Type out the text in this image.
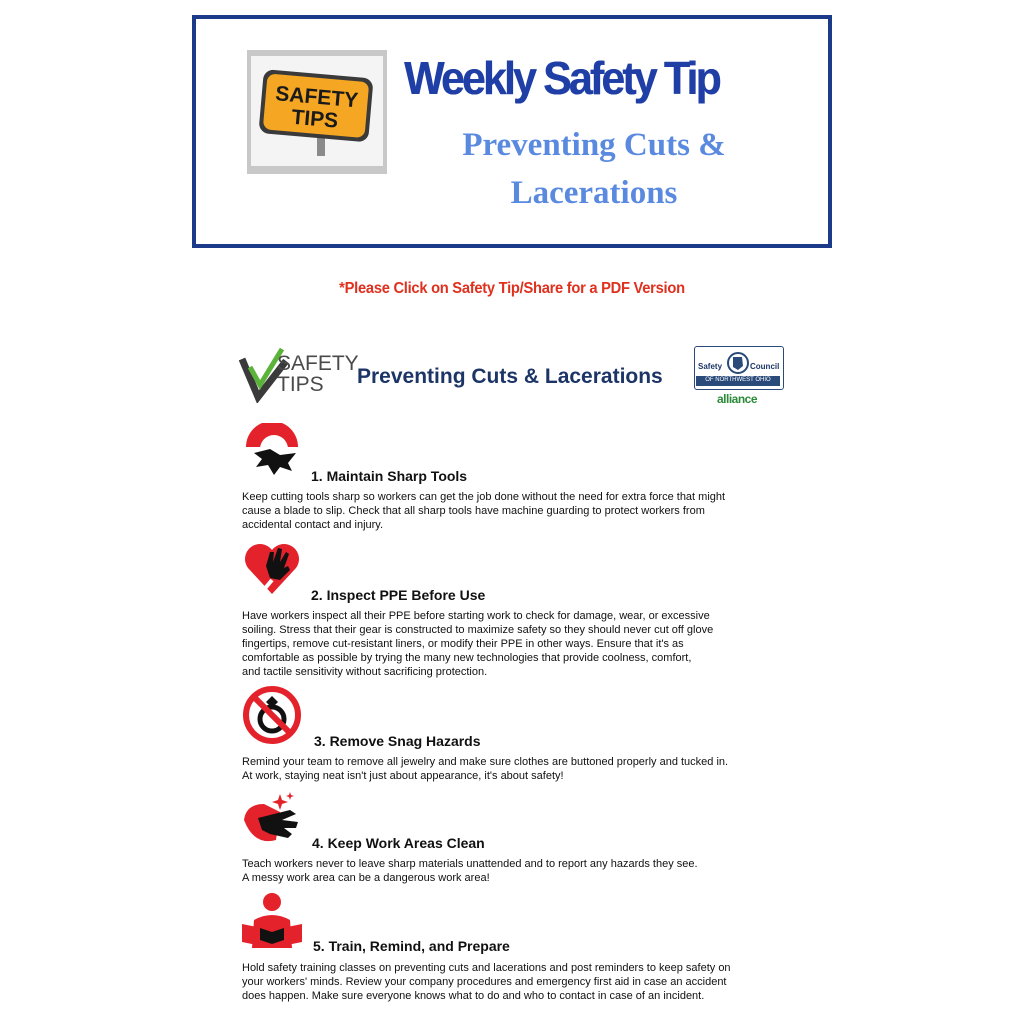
SAFETY
TIPS
Weekly Safety Tip
Preventing Cuts &
Lacerations
*Please Click on Safety Tip/Share for a PDF Version
SAFETY
TIPS	Preventing Cuts & Lacerations	Safety	Council
OF NORTHWEST OHIO
alliance
1. Maintain Sharp Tools
Keep cutting tools sharp so workers can get the job done without the need for extra force that might
cause a blade to slip. Check that all sharp tools have machine guarding to protect workers from
accidental contact and injury.
2. Inspect PPE Before Use
Have workers inspect all their PPE before starting work to check for damage, wear, or excessive
soiling. Stress that their gear is constructed to maximize safety so they should never cut off glove
fingertips, remove cut-resistant liners, or modify their PPE in other ways. Ensure that it's as
comfortable as possible by trying the many new technologies that provide coolness, comfort,
and tactile sensitivity without sacrificing protection.
3. Remove Snag Hazards
Remind your team to remove all jewelry and make sure clothes are buttoned properly and tucked in.
At work, staying neat isn't just about appearance, it's about safety!
4. Keep Work Areas Clean
Teach workers never to leave sharp materials unattended and to report any hazards they see.
A messy work area can be a dangerous work area!
5. Train, Remind, and Prepare
Hold safety training classes on preventing cuts and lacerations and post reminders to keep safety on
your workers' minds. Review your company procedures and emergency first aid in case an accident
does happen. Make sure everyone knows what to do and who to contact in case of an incident.
